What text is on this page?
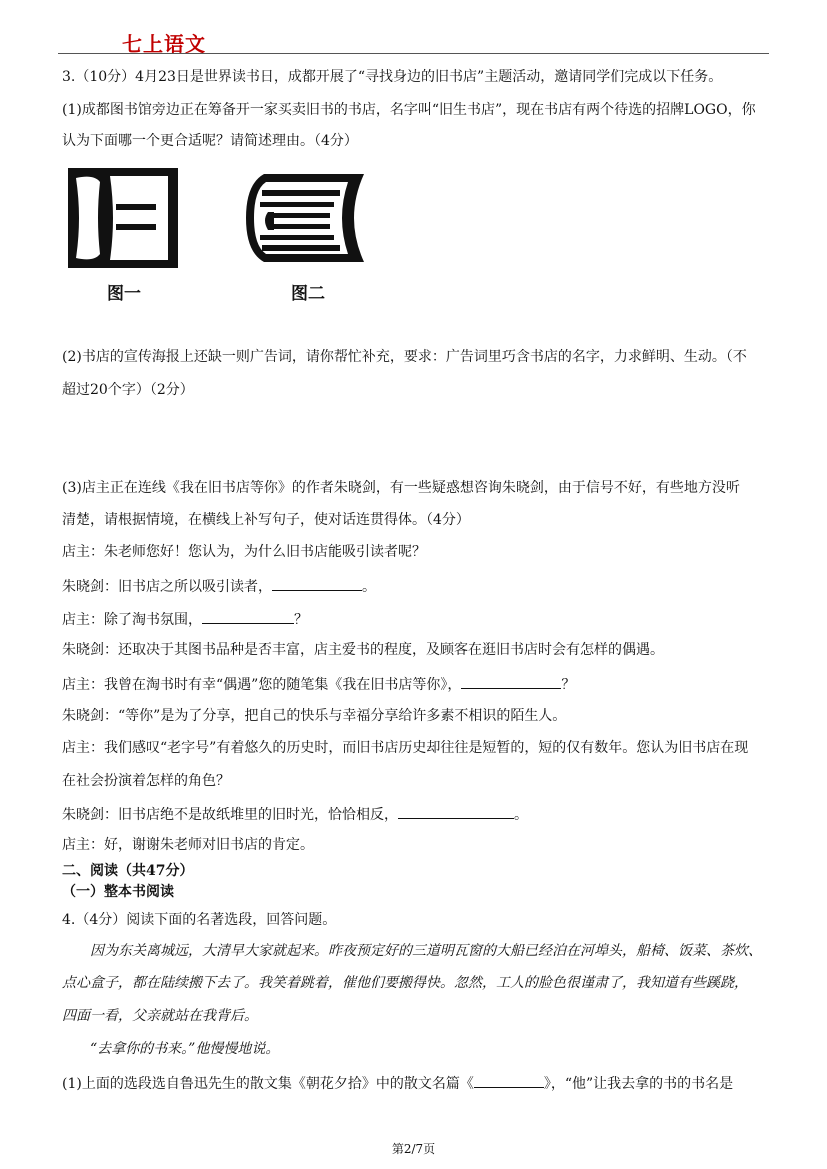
七上语文
3.（10分）4月23日是世界读书日，成都开展了“寻找身边的旧书店”主题活动，邀请同学们完成以下任务。
(1)成都图书馆旁边正在筹备开一家买卖旧书的书店，名字叫“旧生书店”，现在书店有两个待选的招牌LOGO，你
认为下面哪一个更合适呢？请简述理由。（4分）
图一	图二
(2)书店的宣传海报上还缺一则广告词，请你帮忙补充，要求：广告词里巧含书店的名字，力求鲜明、生动。（不
超过20个字）（2分）
(3)店主正在连线《我在旧书店等你》的作者朱晓剑，有一些疑惑想咨询朱晓剑，由于信号不好，有些地方没听
清楚，请根据情境，在横线上补写句子，使对话连贯得体。（4分）
店主：朱老师您好！您认为，为什么旧书店能吸引读者呢？
朱晓剑：旧书店之所以吸引读者，	。
店主：除了淘书氛围，	？
朱晓剑：还取决于其图书品种是否丰富，店主爱书的程度，及顾客在逛旧书店时会有怎样的偶遇。
店主：我曾在淘书时有幸“偶遇”您的随笔集《我在旧书店等你》，	？
朱晓剑：“等你”是为了分享，把自己的快乐与幸福分享给许多素不相识的陌生人。
店主：我们感叹“老字号”有着悠久的历史时，而旧书店历史却往往是短暂的，短的仅有数年。您认为旧书店在现
在社会扮演着怎样的角色？
朱晓剑：旧书店绝不是故纸堆里的旧时光，恰恰相反，	。
店主：好，谢谢朱老师对旧书店的肯定。
二、阅读（共47分）
（一）整本书阅读
4.（4分）阅读下面的名著选段，回答问题。
因为东关离城远，大清早大家就起来。昨夜预定好的三道明瓦窗的大船已经泊在河埠头，船椅、饭菜、茶炊、
点心盒子，都在陆续搬下去了。我笑着跳着，催他们要搬得快。忽然，工人的脸色很谨肃了，我知道有些蹊跷，
四面一看，父亲就站在我背后。
“去拿你的书来。”他慢慢地说。
(1)上面的选段选自鲁迅先生的散文集《朝花夕拾》中的散文名篇《	》，“他”让我去拿的书的书名是
第2/7页
